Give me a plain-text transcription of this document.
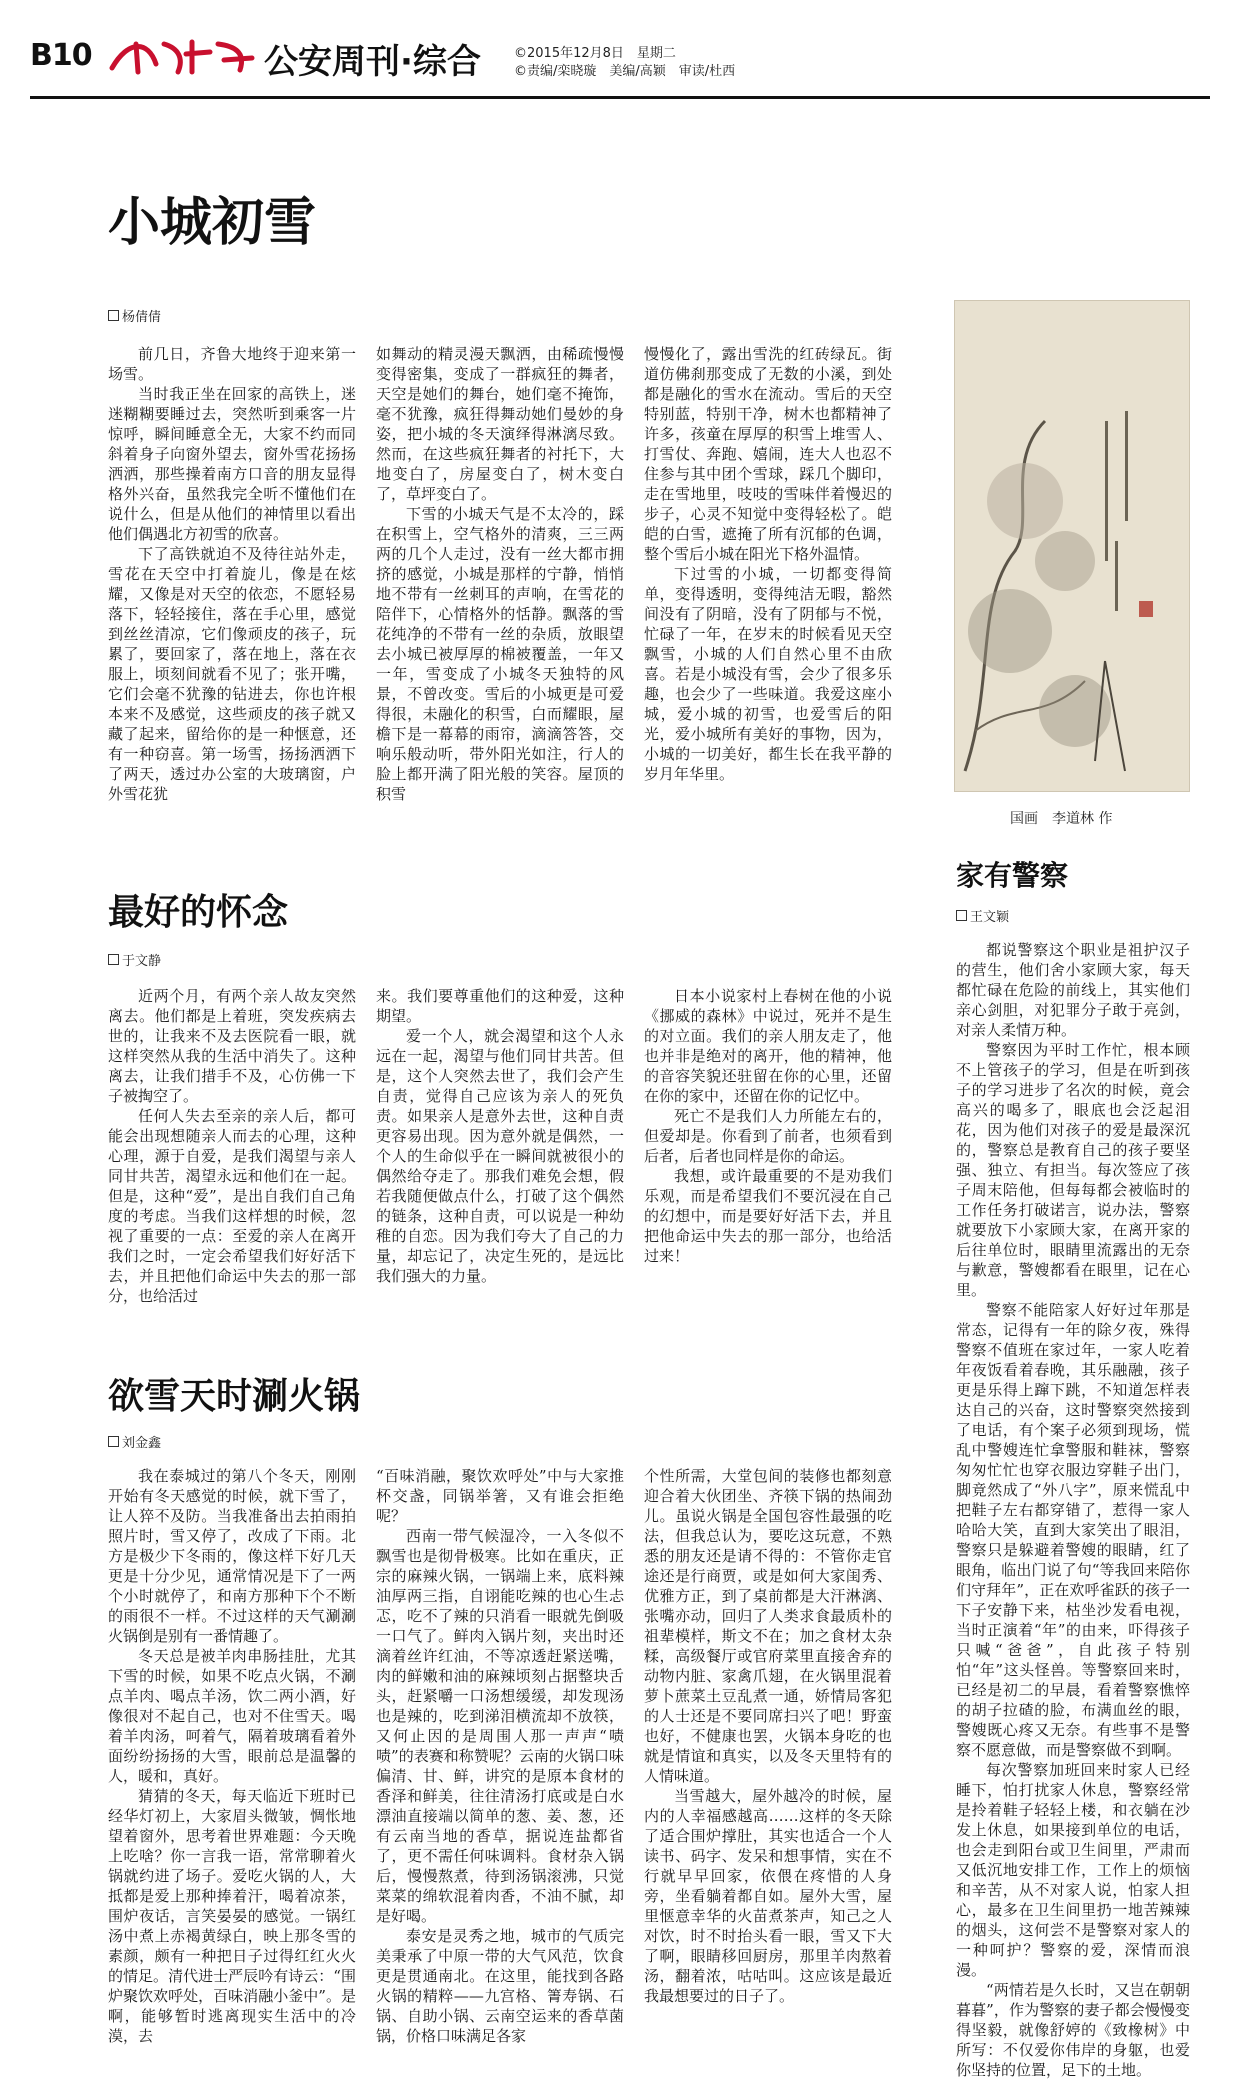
B10	公安周刊·综合	©2015年12月8日　星期二
©责编/栾晓璇　美编/高颖　审读/杜西
小城初雪
杨倩倩

前几日，齐鲁大地终于迎来第一场雪。

当时我正坐在回家的高铁上，迷迷糊糊要睡过去，突然听到乘客一片惊呼，瞬间睡意全无，大家不约而同斜着身子向窗外望去，窗外雪花扬扬洒洒，那些操着南方口音的朋友显得格外兴奋，虽然我完全听不懂他们在说什么，但是从他们的神情里以看出他们偶遇北方初雪的欣喜。

下了高铁就迫不及待往站外走，雪花在天空中打着旋儿，像是在炫耀，又像是对天空的依恋，不愿轻易落下，轻轻接住，落在手心里，感觉到丝丝清凉，它们像顽皮的孩子，玩累了，要回家了，落在地上，落在衣服上，顷刻间就看不见了；张开嘴，它们会毫不犹豫的钻进去，你也许根本来不及感觉，这些顽皮的孩子就又藏了起来，留给你的是一种惬意，还有一种窃喜。第一场雪，扬扬洒洒下了两天，透过办公室的大玻璃窗，户外雪花犹

如舞动的精灵漫天飘洒，由稀疏慢慢变得密集，变成了一群疯狂的舞者，天空是她们的舞台，她们毫不掩饰，毫不犹豫，疯狂得舞动她们曼妙的身姿，把小城的冬天演绎得淋漓尽致。然而，在这些疯狂舞者的衬托下，大地变白了，房屋变白了，树木变白了，草坪变白了。

下雪的小城天气是不太冷的，踩在积雪上，空气格外的清爽，三三两两的几个人走过，没有一丝大都市拥挤的感觉，小城是那样的宁静，悄悄地不带有一丝刺耳的声响，在雪花的陪伴下，心情格外的恬静。飘落的雪花纯净的不带有一丝的杂质，放眼望去小城已被厚厚的棉被覆盖，一年又一年，雪变成了小城冬天独特的风景，不曾改变。雪后的小城更是可爱得很，未融化的积雪，白而耀眼，屋檐下是一幕幕的雨帘，滴滴答答，交响乐般动听，带外阳光如注，行人的脸上都开满了阳光般的笑容。屋顶的积雪

慢慢化了，露出雪洗的红砖绿瓦。街道仿佛刹那变成了无数的小溪，到处都是融化的雪水在流动。雪后的天空特别蓝，特别干净，树木也都精神了许多，孩童在厚厚的积雪上堆雪人、打雪仗、奔跑、嬉闹，连大人也忍不住参与其中团个雪球，踩几个脚印，走在雪地里，吱吱的雪味伴着慢迟的步子，心灵不知觉中变得轻松了。皑皑的白雪，遮掩了所有沉郁的色调，整个雪后小城在阳光下格外温情。

下过雪的小城，一切都变得简单，变得透明，变得纯洁无暇，豁然间没有了阴暗，没有了阴郁与不悦，忙碌了一年，在岁末的时候看见天空飘雪，小城的人们自然心里不由欣喜。若是小城没有雪，会少了很多乐趣，也会少了一些味道。我爱这座小城，爱小城的初雪，也爱雪后的阳光，爱小城所有美好的事物，因为，小城的一切美好，都生长在我平静的岁月年华里。

国画　李道林 作
最好的怀念
于文静

近两个月，有两个亲人故友突然离去。他们都是上着班，突发疾病去世的，让我来不及去医院看一眼，就这样突然从我的生活中消失了。这种离去，让我们措手不及，心仿佛一下子被掏空了。

任何人失去至亲的亲人后，都可能会出现想随亲人而去的心理，这种心理，源于自爱，是我们渴望与亲人同甘共苦，渴望永远和他们在一起。但是，这种“爱”，是出自我们自己角度的考虑。当我们这样想的时候，忽视了重要的一点：至爱的亲人在离开我们之时，一定会希望我们好好活下去，并且把他们命运中失去的那一部分，也给活过

来。我们要尊重他们的这种爱，这种期望。

爱一个人，就会渴望和这个人永远在一起，渴望与他们同甘共苦。但是，这个人突然去世了，我们会产生自责，觉得自己应该为亲人的死负责。如果亲人是意外去世，这种自责更容易出现。因为意外就是偶然，一个人的生命似乎在一瞬间就被很小的偶然给夺走了。那我们难免会想，假若我随便做点什么，打破了这个偶然的链条，这种自责，可以说是一种幼稚的自恋。因为我们夸大了自己的力量，却忘记了，决定生死的，是远比我们强大的力量。

日本小说家村上春树在他的小说《挪威的森林》中说过，死并不是生的对立面。我们的亲人朋友走了，他也并非是绝对的离开，他的精神，他的音容笑貌还驻留在你的心里，还留在你的家中，还留在你的记忆中。

死亡不是我们人力所能左右的，但爱却是。你看到了前者，也须看到后者，后者也同样是你的命运。

我想，或许最重要的不是劝我们乐观，而是希望我们不要沉浸在自己的幻想中，而是要好好活下去，并且把他命运中失去的那一部分，也给活过来！

欲雪天时涮火锅
刘金鑫

我在泰城过的第八个冬天，刚刚开始有冬天感觉的时候，就下雪了，让人猝不及防。当我准备出去拍雨拍照片时，雪又停了，改成了下雨。北方是极少下冬雨的，像这样下好几天更是十分少见，通常情况是下了一两个小时就停了，和南方那种下个不断的雨很不一样。不过这样的天气涮涮火锅倒是别有一番情趣了。

冬天总是被羊肉串肠挂肚，尤其下雪的时候，如果不吃点火锅，不涮点羊肉、喝点羊汤，饮二两小酒，好像很对不起自己，也对不住雪天。喝着羊肉汤，呵着气，隔着玻璃看着外面纷纷扬扬的大雪，眼前总是温馨的人，暖和，真好。

猜猜的冬天，每天临近下班时已经华灯初上，大家眉头微皱，惆怅地望着窗外，思考着世界难题：今天晚上吃啥？你一言我一语，常常聊着火锅就约进了场子。爱吃火锅的人，大抵都是爱上那种捧着汗，喝着凉茶，围炉夜话，言笑晏晏的感觉。一锅红汤中煮上赤褐黄绿白，映上那冬雪的素颜，颇有一种把日子过得红红火火的情足。清代进士严辰吟有诗云：“围炉聚饮欢呼处，百味消融小釜中”。是啊，能够暂时逃离现实生活中的冷漠，去

“百味消融，聚饮欢呼处”中与大家推杯交盏，同锅举箸，又有谁会拒绝呢？

西南一带气候湿冷，一入冬似不飘雪也是彻骨极寒。比如在重庆，正宗的麻辣火锅，一锅端上来，底料辣油厚两三指，自诩能吃辣的也心生忐忑，吃不了辣的只消看一眼就先倒吸一口气了。鲜肉入锅片刻，夹出时还滴着丝许红油，不等凉透赶紧送嘴，肉的鲜嫩和油的麻辣顷刻占据整块舌头，赶紧嚼一口汤想缓缓，却发现汤也是辣的，吃到涕泪横流却不放筷，又何止因的是周围人那一声声“啧啧”的表赛和称赞呢？云南的火锅口味偏清、甘、鲜，讲究的是原本食材的香泽和鲜美，往往清汤打底或是白水漂油直接端以简单的葱、姜、葱，还有云南当地的香草，据说连盐都省了，更不需任何味调料。食材杂入锅后，慢慢熬煮，待到汤锅滚沸，只觉菜菜的绵软混着肉香，不油不腻，却是好喝。

泰安是灵秀之地，城市的气质完美秉承了中原一带的大气风范，饮食更是贯通南北。在这里，能找到各路火锅的精粹——九宫格、箐寿锅、石锅、自助小锅、云南空运来的香草菌锅，价格口味满足各家

个性所需，大堂包间的装修也都刻意迎合着大伙团坐、齐筷下锅的热闹劲儿。虽说火锅是全国包容性最强的吃法，但我总认为，要吃这玩意，不熟悉的朋友还是请不得的：不管你走官途还是行商贾，或是如何大家闺秀、优雅方正，到了桌前都是大汗淋漓、张嘴亦动，回归了人类求食最质朴的祖辈模样，斯文不在；加之食材太杂糅，高级餐厅或官府菜里直接舍弃的动物内脏、家禽爪翅，在火锅里混着萝卜蔗菜土豆乱煮一通，娇情局客犯的人士还是不要同席扫兴了吧！野蛮也好，不健康也罢，火锅本身吃的也就是情谊和真实，以及冬天里特有的人情味道。

当雪越大，屋外越冷的时候，屋内的人幸福感越高……这样的冬天除了适合围炉撑肚，其实也适合一个人读书、码字、发呆和想事情，实在不行就早早回家，依偎在疼惜的人身旁，坐看躺着都自如。屋外大雪，屋里惬意幸华的火苗煮茶声，知己之人对饮，时不时抬头看一眼，雪又下大了啊，眼睛移回厨房，那里羊肉熬着汤，翻着浓，咕咕叫。这应该是最近我最想要过的日子了。

家有警察
王文颖

都说警察这个职业是祖护汉子的营生，他们舍小家顾大家，每天都忙碌在危险的前线上，其实他们亲心剑胆，对犯罪分子敢于亮剑，对亲人柔情万种。

警察因为平时工作忙，根本顾不上管孩子的学习，但是在听到孩子的学习进步了名次的时候，竟会高兴的喝多了，眼底也会泛起泪花，因为他们对孩子的爱是最深沉的，警察总是教育自己的孩子要坚强、独立、有担当。每次签应了孩子周末陪他，但每每都会被临时的工作任务打破诺言，说办法，警察就要放下小家顾大家，在离开家的后往单位时，眼睛里流露出的无奈与歉意，警嫂都看在眼里，记在心里。

警察不能陪家人好好过年那是常态，记得有一年的除夕夜，殊得警察不值班在家过年，一家人吃着年夜饭看着春晚，其乐融融，孩子更是乐得上蹿下跳，不知道怎样表达自己的兴奋，这时警察突然接到了电话，有个案子必须到现场，慌乱中警嫂连忙拿警服和鞋袜，警察匆匆忙忙也穿衣服边穿鞋子出门，脚竟然成了“外八字”，原来慌乱中把鞋子左右都穿错了，惹得一家人哈哈大笑，直到大家笑出了眼泪，警察只是躲避着警嫂的眼睛，红了眼角，临出门说了句“等我回来陪你们守拜年”，正在欢呼雀跃的孩子一下子安静下来，枯坐沙发看电视，当时正演着“年”的由来，吓得孩子只喊“爸爸”，自此孩子特别怕“年”这头怪兽。等警察回来时，已经是初二的早晨，看着警察憔悴的胡子拉碴的脸，布满血丝的眼，警嫂既心疼又无奈。有些事不是警察不愿意做，而是警察做不到啊。

每次警察加班回来时家人已经睡下，怕打扰家人休息，警察经常是拎着鞋子轻轻上楼，和衣躺在沙发上休息，如果接到单位的电话，也会走到阳台或卫生间里，严肃而又低沉地安排工作，工作上的烦恼和辛苦，从不对家人说，怕家人担心，最多在卫生间里扔一地苦辣辣的烟头，这何尝不是警察对家人的一种呵护？警察的爱，深情而浪漫。

“两情若是久长时，又岂在朝朝暮暮”，作为警察的妻子都会慢慢变得坚毅，就像舒婷的《致橡树》中所写：不仅爱你伟岸的身躯，也爱你坚持的位置，足下的土地。
